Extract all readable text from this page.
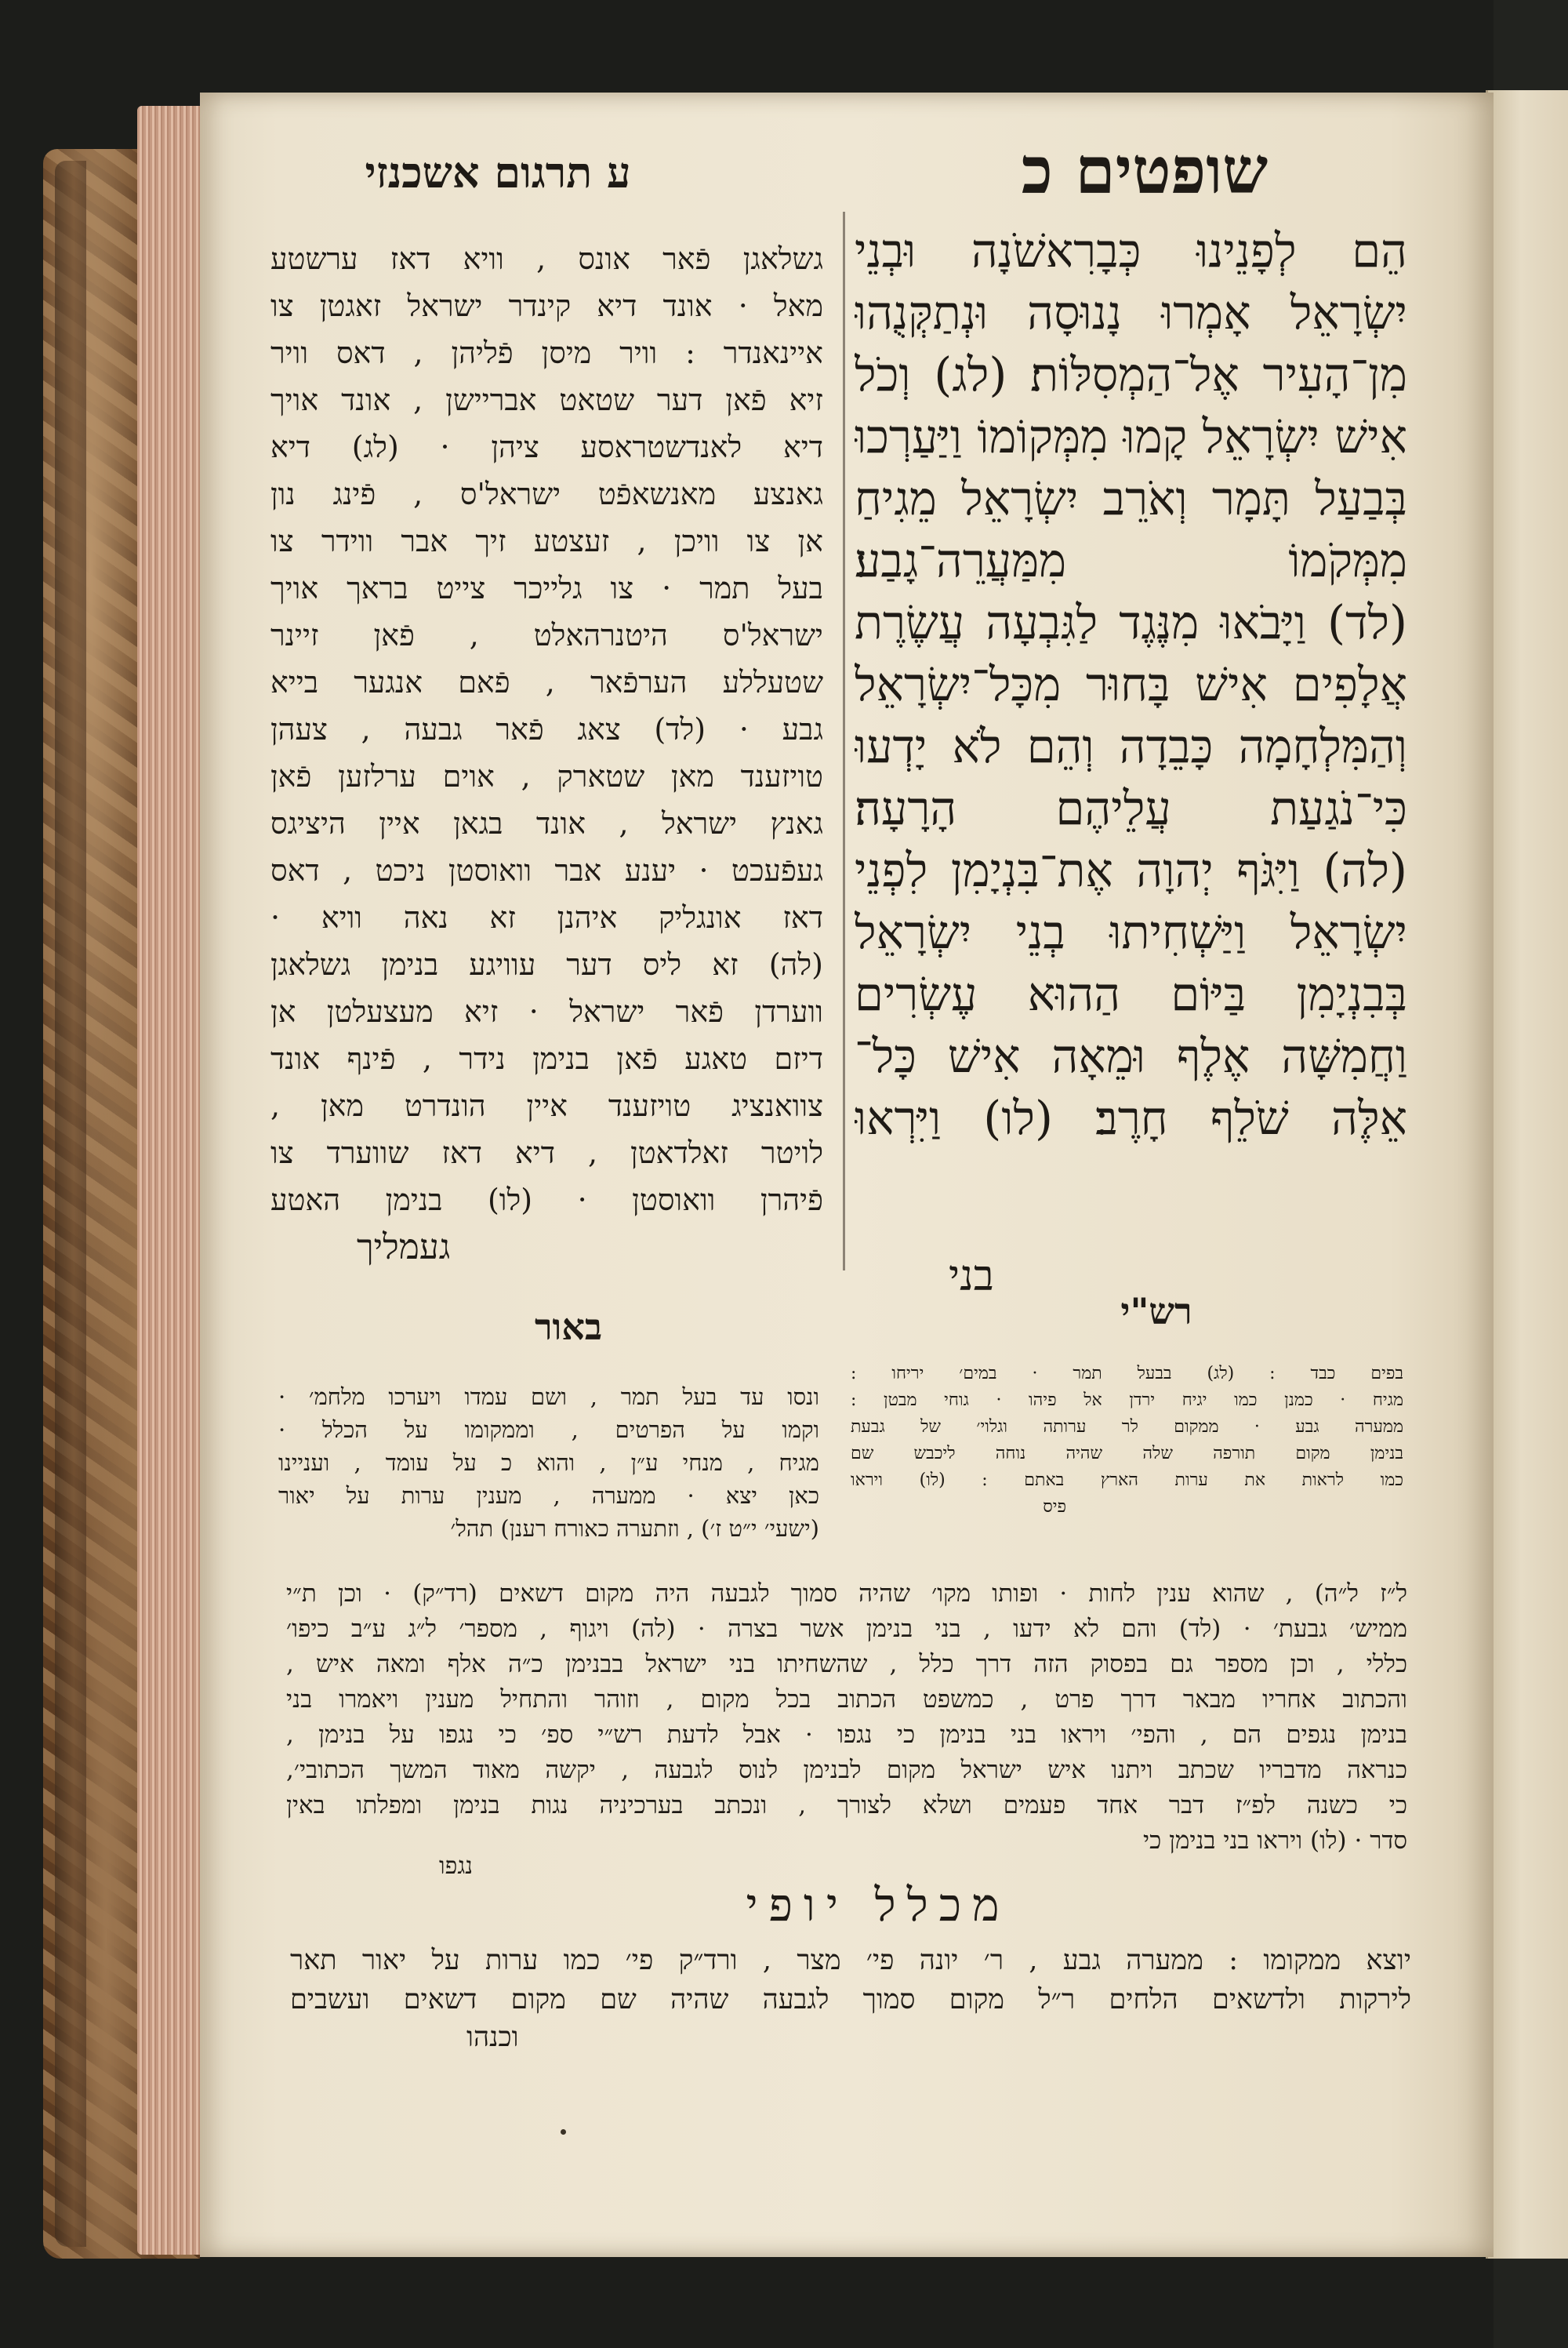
ע תרגום אשכנזי	שופטים כ
גשלאגן פֿאר אונס , וויא דאז ערשטע
מאל · אונד דיא קינדר ישראל זאגטן צו
איינאנדר : וויר מיסן פֿליהן , דאס וויר
זיא פֿאן דער שטאט אבריישן , אונד אויך
דיא לאנדשטראסע ציהן · (לג) דיא
גאנצע מאנשאפֿט ישראל'ס , פֿינג נון
אן צו וויכן , זעצטע זיך אבר ווידר צו
בעל תמר · צו גלייכר צייט בראך אויך
ישראל'ס היטנרהאלט , פֿאן זיינר
שטעללע הערפֿאר , פֿאם אנגער בייא
גבע · (לד) צאג פֿאר גבעה , צעהן
טויזענד מאן שטארק , אוים ערלזען פֿאן
גאנץ ישראל , אונד בגאן איין היציגס
געפֿעכט · יענע אבר וואוסטן ניכט , דאס
דאז אונגליק איהנן זא נאה וויא ·
(לה) זא ליס דער עוויגע בנימן גשלאגן
ווערדן פֿאר ישראל · זיא מעצעלטן אן
דיזם טאגע פֿאן בנימן נידר , פֿינף אונד
צוואנציג טויזענד איין הונדרט מאן ,
לויטר זאלדאטן , דיא דאז שווערד צו
פֿיהרן וואוסטן · (לו) בנימן האטע
געמליך
הֵם לְפָנֵינוּ כְּבָרִאשֹׁנָה וּבְנֵי
יִשְׂרָאֵל אָמְרוּ נָנוּסָה וּנְתַקְּנֻהוּ
מִן־הָעִיר אֶל־הַמְסִלּוֹת׃ (לג) וְכֹל
אִישׁ יִשְׂרָאֵל קָמוּ מִמְּקוֹמוֹ וַיַּעַרְכוּ
בְּבַעַל תָּמָר וְאֹרֵב יִשְׂרָאֵל מֵגִיחַ
מִמְּקֹמוֹ מִמַּעֲרֵה־גָבַע׃
(לד) וַיָּבֹאוּ מִנֶּגֶד לַגִּבְעָה עֲשֶׂרֶת
אֲלָפִים אִישׁ בָּחוּר מִכָּל־יִשְׂרָאֵל
וְהַמִּלְחָמָה כָּבֵדָה וְהֵם לֹא יָדְעוּ
כִּי־נֹגַעַת עֲלֵיהֶם הָרָעָה׃
(לה) וַיִּגֹּף יְהוָה אֶת־בִּנְיָמִן לִפְנֵי
יִשְׂרָאֵל וַיַּשְׁחִיתוּ בְנֵי יִשְׂרָאֵל
בְּבִנְיָמִן בַּיּוֹם הַהוּא עֶשְׂרִים
וַחֲמִשָּׁה אֶלֶף וּמֵאָה אִישׁ כָּל־
אֵלֶּה שֹׁלֵף חָרֶב׃ (לו) וַיִּרְאוּ
בני
באור	רש"י
ונסו עד בעל תמר , ושם עמדו ויערכו מלחמ׳ ·
וקמו על הפרטים , וממקומו על הכלל ·
מגיח , מנחי ע״ן , והוא כ על עומד , ועניינו
כאן יצא · ממערה , מענין ערות על יאור
(ישעי׳ י״ט ז׳) , וזתערה כאורח רענן) תהל׳
בפים כבד : (לג) בבעל תמר · במים׳ יריחו :
מגיח · כמנן כמו יגיח ירדן אל פיהו · גוחי מבטן :
ממערה גבע · ממקום לר ערותה וגלוי׳ של גבעת
בנימן מקום תורפה שלה שהיה נוחה ליכבש שם
כמו לראות את ערות הארץ באתם : (לו) ויראו
פיס
ל״ז ל״ה) , שהוא ענין לחות · ופותו מקו׳ שהיה סמוך לגבעה היה מקום דשאים (רד״ק) · וכן ת״י
ממיש׳ גבעת׳ · (לד) והם לא ידעו , בני בנימן אשר בצרה · (לה) ויגוף , מספר׳ ל״ג ע״ב כיפו׳
כללי , וכן מספר גם בפסוק הזה דרך כלל , שהשחיתו בני ישראל בבנימן כ״ה אלף ומאה איש ,
והכתוב אחריו מבאר דרך פרט , כמשפט הכתוב בכל מקום , וזוהר והתחיל מענין ויאמרו בני
בנימן נגפים הם , והפי׳ ויראו בני בנימן כי נגפו · אבל לדעת רש״י ספ׳ כי נגפו על בנימן ,
כנראה מדבריו שכתב ויתנו איש ישראל מקום לבנימן לנוס לגבעה , יקשה מאוד המשך הכתובי׳,
כי כשנה לפ״ז דבר אחד פעמים ושלא לצורך , ונכתב בערכיניה נגות בנימן ומפלתו באין
סדר · (לו) ויראו בני בנימן כי
נגפו
מכלל יופי
יוצא ממקומו : ממערה גבע , ר׳ יונה פי׳ מצר , ורד״ק פי׳ כמו ערות על יאור תאר
לירקות ולדשאים הלחים ר״ל מקום סמוך לגבעה שהיה שם מקום דשאים ועשבים
וכנהו
